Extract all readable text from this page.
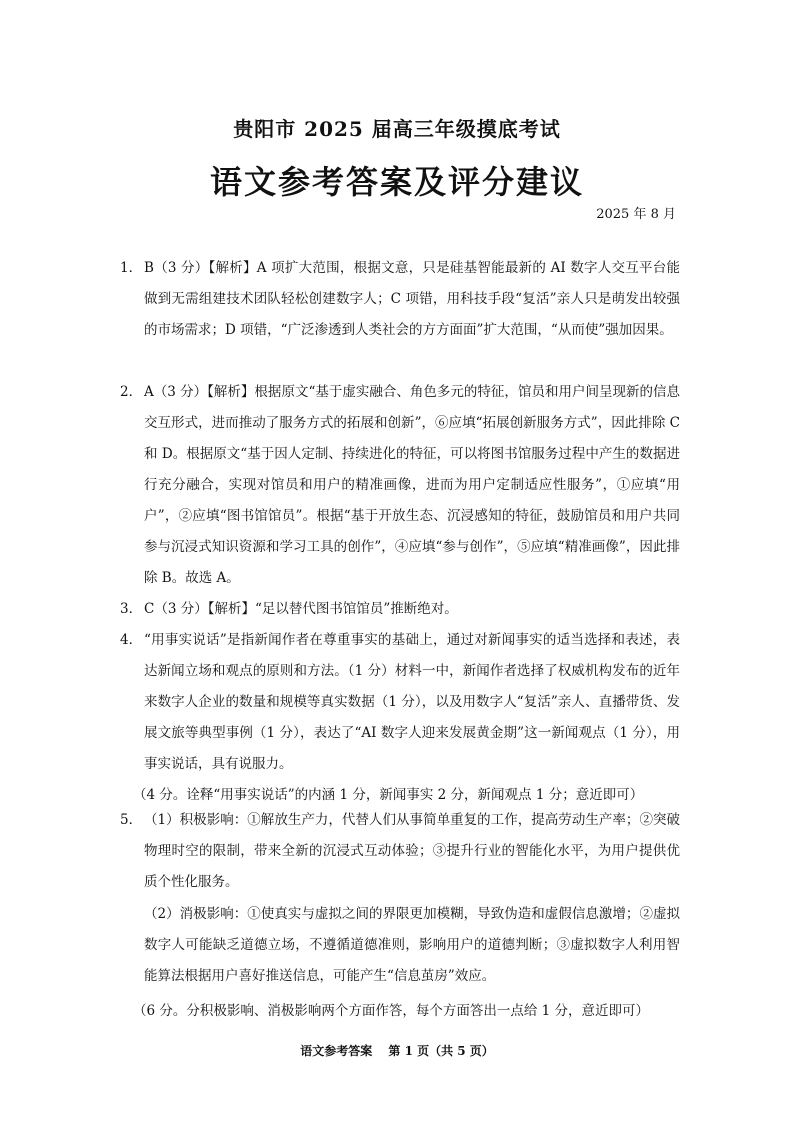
贵阳市 2025 届高三年级摸底考试
语文参考答案及评分建议
2025 年 8 月
1． B（3 分）【解析】A 项扩大范围，根据文意，只是硅基智能最新的 AI 数字人交互平台能做到无需组建技术团队轻松创建数字人；C 项错，用科技手段“复活”亲人只是萌发出较强的市场需求；D 项错，“广泛渗透到人类社会的方方面面”扩大范围，“从而使”强加因果。
2． A（3 分）【解析】根据原文“基于虚实融合、角色多元的特征，馆员和用户间呈现新的信息交互形式，进而推动了服务方式的拓展和创新”，⑥应填“拓展创新服务方式”，因此排除 C 和 D。根据原文“基于因人定制、持续进化的特征，可以将图书馆服务过程中产生的数据进行充分融合，实现对馆员和用户的精准画像，进而为用户定制适应性服务”，①应填“用户”，②应填“图书馆馆员”。根据“基于开放生态、沉浸感知的特征，鼓励馆员和用户共同参与沉浸式知识资源和学习工具的创作”，④应填“参与创作”，⑤应填“精准画像”，因此排除 B。故选 A。
3． C（3 分）【解析】“足以替代图书馆馆员”推断绝对。
4． “用事实说话”是指新闻作者在尊重事实的基础上，通过对新闻事实的适当选择和表述，表达新闻立场和观点的原则和方法。（1 分）材料一中，新闻作者选择了权威机构发布的近年来数字人企业的数量和规模等真实数据（1 分），以及用数字人“复活”亲人、直播带货、发展文旅等典型事例（1 分），表达了“AI 数字人迎来发展黄金期”这一新闻观点（1 分），用事实说话，具有说服力。
（4 分。诠释“用事实说话”的内涵 1 分，新闻事实 2 分，新闻观点 1 分；意近即可）
5． （1）积极影响：①解放生产力，代替人们从事简单重复的工作，提高劳动生产率；②突破物理时空的限制，带来全新的沉浸式互动体验；③提升行业的智能化水平，为用户提供优质个性化服务。
（2）消极影响：①使真实与虚拟之间的界限更加模糊，导致伪造和虚假信息激增；②虚拟数字人可能缺乏道德立场，不遵循道德准则，影响用户的道德判断；③虚拟数字人利用智能算法根据用户喜好推送信息，可能产生“信息茧房”效应。
（6 分。分积极影响、消极影响两个方面作答，每个方面答出一点给 1 分，意近即可）
语文参考答案 第 1 页（共 5 页）
